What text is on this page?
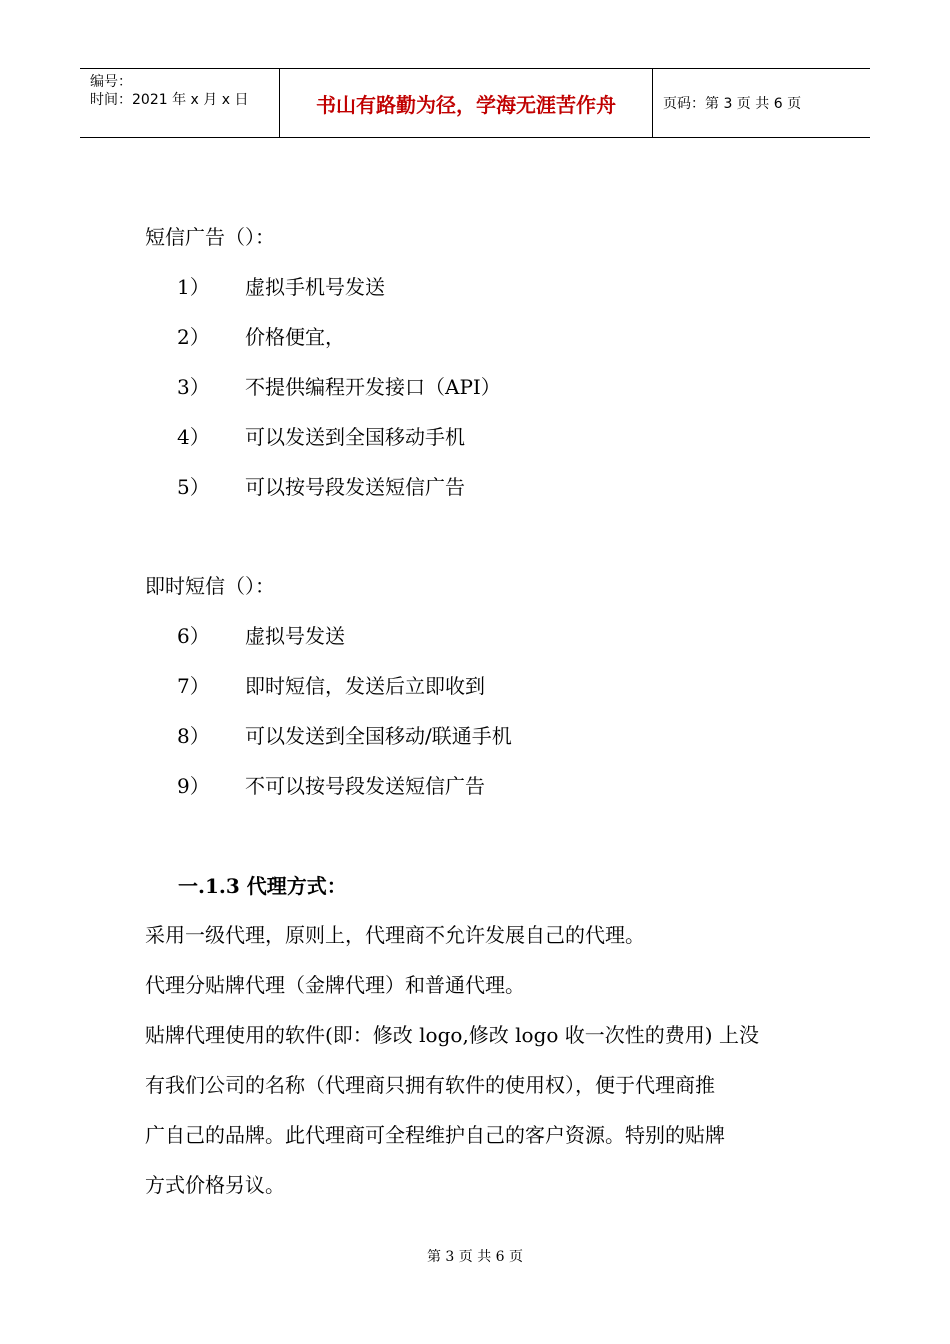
编号：
时间：2021 年 x 月 x 日	书山有路勤为径，学海无涯苦作舟	页码：第 3 页 共 6 页
短信广告（）：
1） 虚拟手机号发送
2） 价格便宜，
3） 不提供编程开发接口（API）
4） 可以发送到全国移动手机
5） 可以按号段发送短信广告
即时短信（）：
6） 虚拟号发送
7） 即时短信，发送后立即收到
8） 可以发送到全国移动/联通手机
9） 不可以按号段发送短信广告
一.1.3 代理方式：
采用一级代理，原则上，代理商不允许发展自己的代理。
代理分贴牌代理（金牌代理）和普通代理。
贴牌代理使用的软件(即：修改 logo,修改 logo 收一次性的费用) 上没
有我们公司的名称（代理商只拥有软件的使用权），便于代理商推
广自己的品牌。此代理商可全程维护自己的客户资源。特别的贴牌
方式价格另议。
第 3 页 共 6 页
